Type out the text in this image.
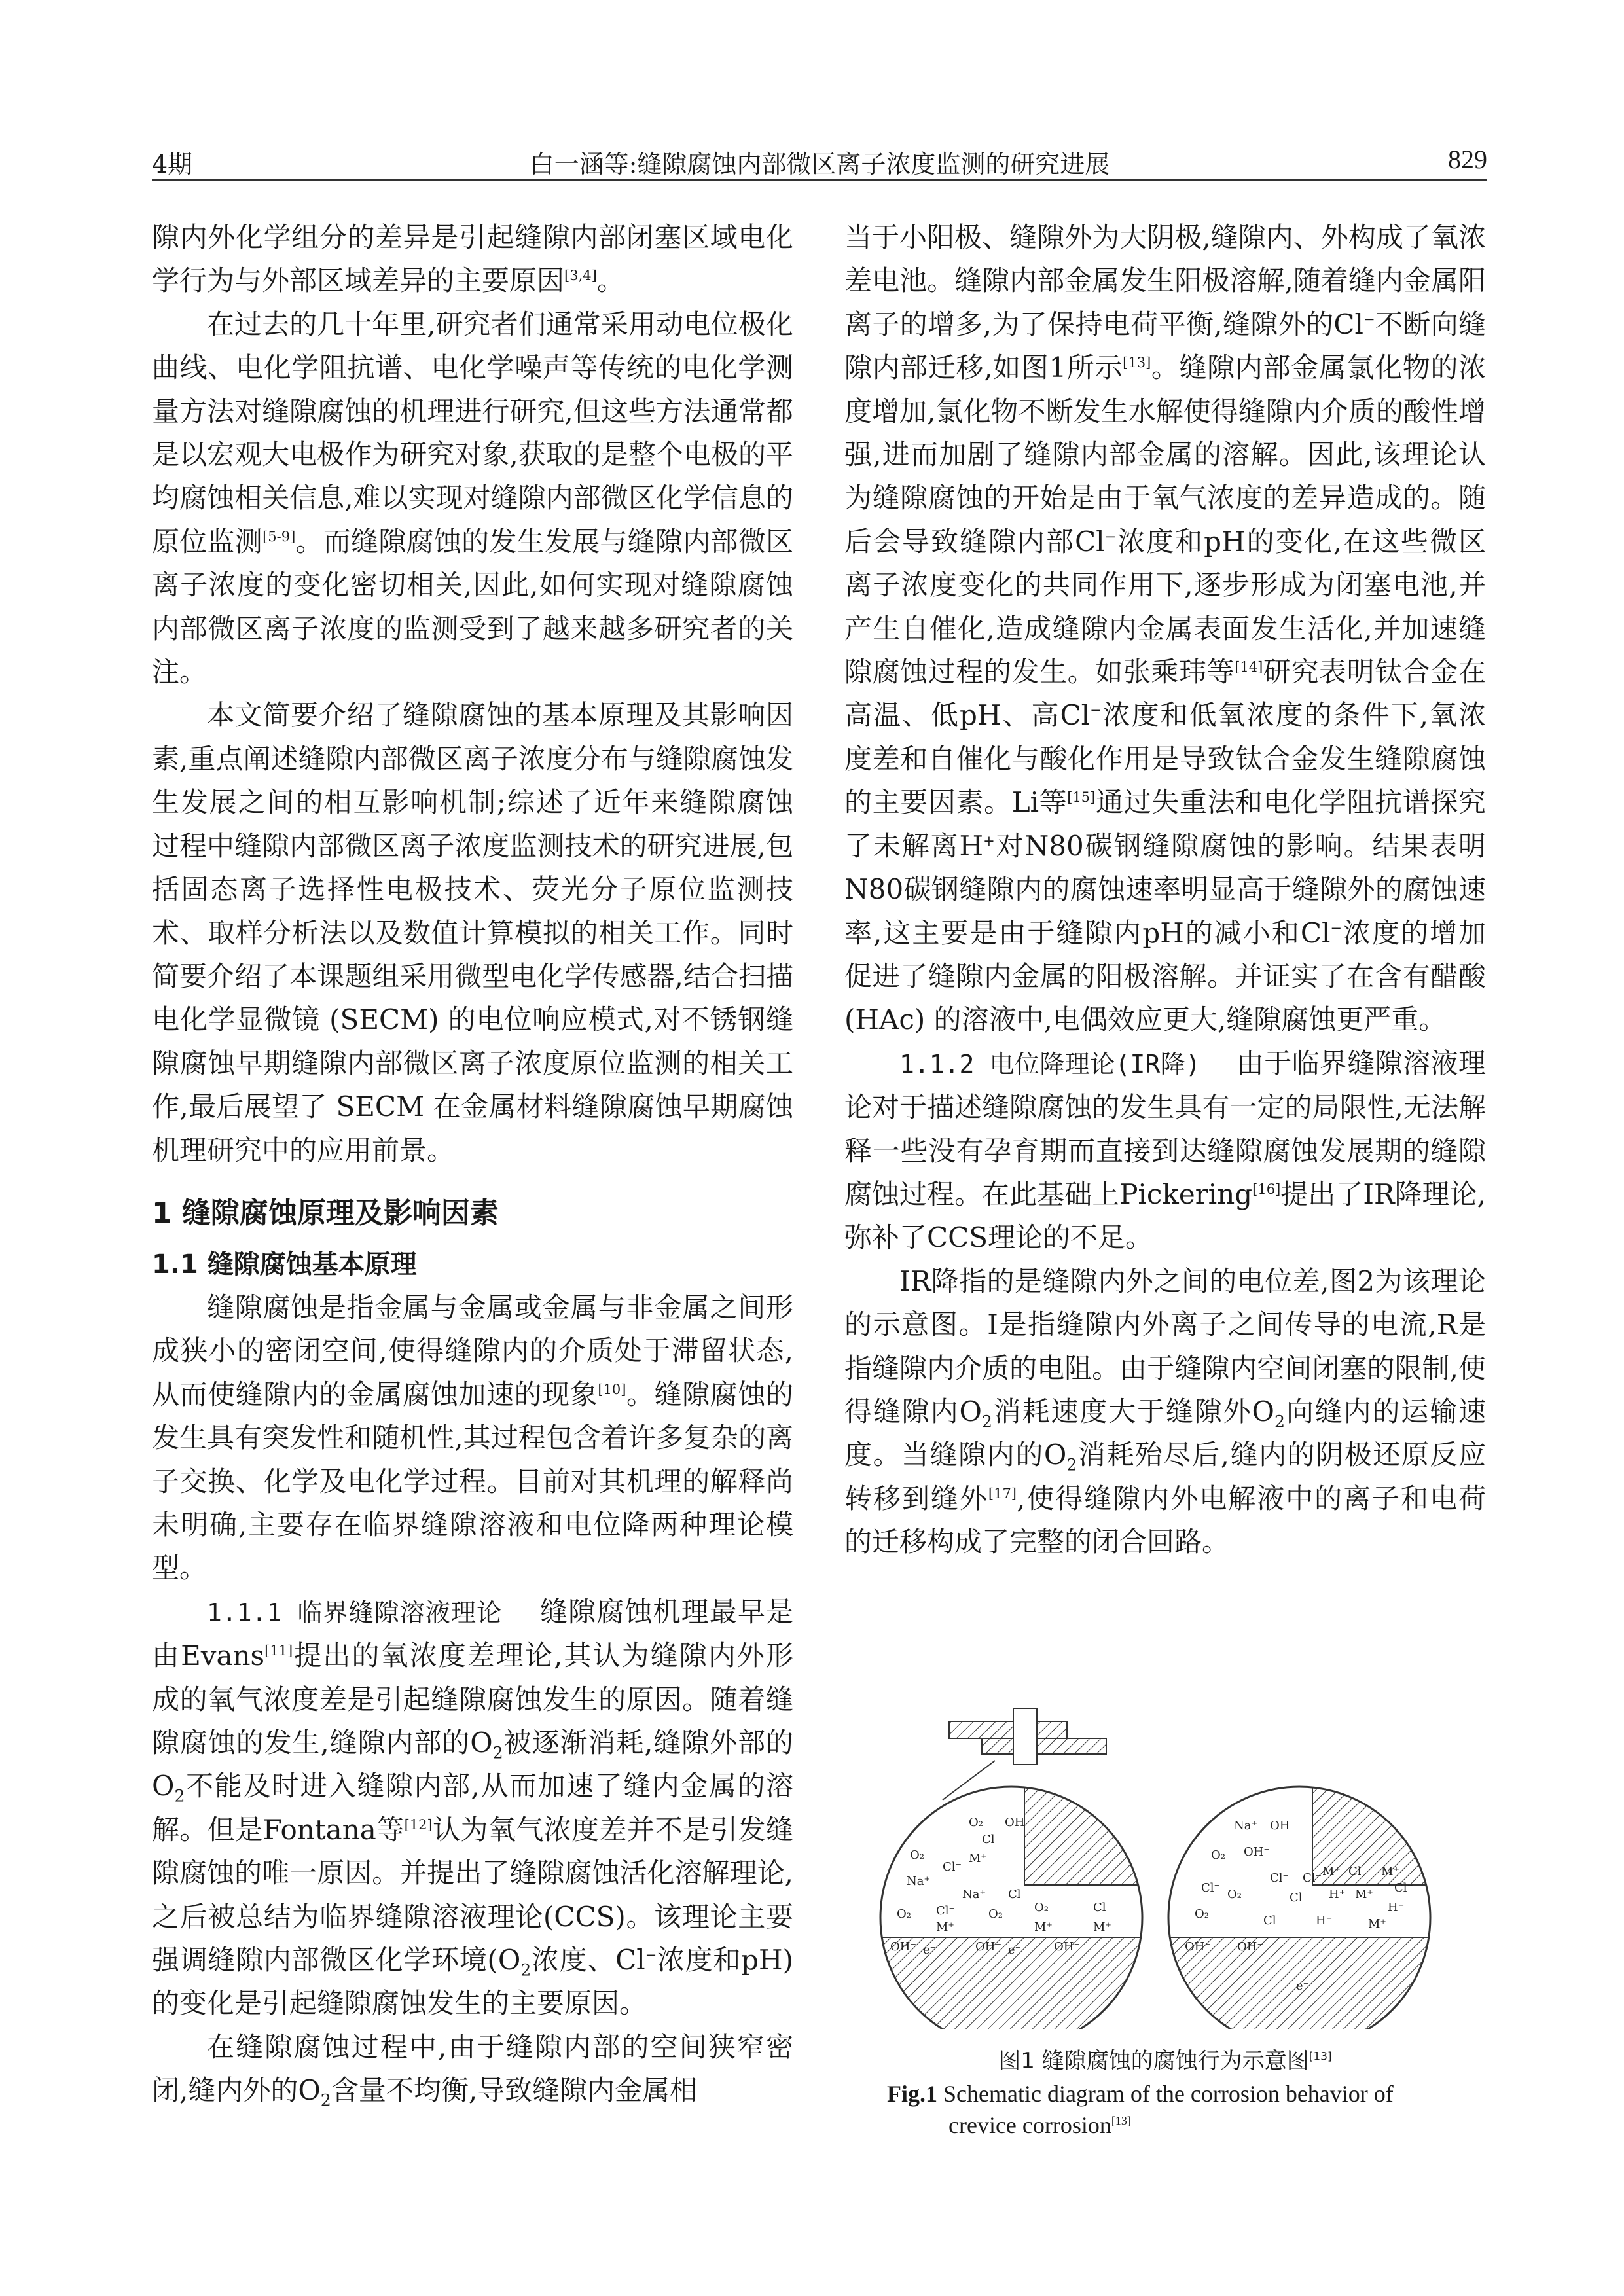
4期	白一涵等:缝隙腐蚀内部微区离子浓度监测的研究进展	829

隙内外化学组分的差异是引起缝隙内部闭塞区域电化学行为与外部区域差异的主要原因[3,4]。

在过去的几十年里,研究者们通常采用动电位极化曲线、电化学阻抗谱、电化学噪声等传统的电化学测量方法对缝隙腐蚀的机理进行研究,但这些方法通常都是以宏观大电极作为研究对象,获取的是整个电极的平均腐蚀相关信息,难以实现对缝隙内部微区化学信息的原位监测[5-9]。而缝隙腐蚀的发生发展与缝隙内部微区离子浓度的变化密切相关,因此,如何实现对缝隙腐蚀内部微区离子浓度的监测受到了越来越多研究者的关注。

本文简要介绍了缝隙腐蚀的基本原理及其影响因素,重点阐述缝隙内部微区离子浓度分布与缝隙腐蚀发生发展之间的相互影响机制;综述了近年来缝隙腐蚀过程中缝隙内部微区离子浓度监测技术的研究进展,包括固态离子选择性电极技术、荧光分子原位监测技术、取样分析法以及数值计算模拟的相关工作。同时简要介绍了本课题组采用微型电化学传感器,结合扫描电化学显微镜 (SECM) 的电位响应模式,对不锈钢缝隙腐蚀早期缝隙内部微区离子浓度原位监测的相关工作,最后展望了 SECM 在金属材料缝隙腐蚀早期腐蚀机理研究中的应用前景。

1 缝隙腐蚀原理及影响因素
1.1 缝隙腐蚀基本原理

缝隙腐蚀是指金属与金属或金属与非金属之间形成狭小的密闭空间,使得缝隙内的介质处于滞留状态,从而使缝隙内的金属腐蚀加速的现象[10]。缝隙腐蚀的发生具有突发性和随机性,其过程包含着许多复杂的离子交换、化学及电化学过程。目前对其机理的解释尚未明确,主要存在临界缝隙溶液和电位降两种理论模型。

1.1.1 临界缝隙溶液理论 缝隙腐蚀机理最早是由Evans[11]提出的氧浓度差理论,其认为缝隙内外形成的氧气浓度差是引起缝隙腐蚀发生的原因。随着缝隙腐蚀的发生,缝隙内部的$O_2$被逐渐消耗,缝隙外部的$O_2$不能及时进入缝隙内部,从而加速了缝内金属的溶解。但是Fontana等[12]认为氧气浓度差并不是引发缝隙腐蚀的唯一原因。并提出了缝隙腐蚀活化溶解理论,之后被总结为临界缝隙溶液理论(CCS)。该理论主要强调缝隙内部微区化学环境($O_2$浓度、Cl−浓度和pH) 的变化是引起缝隙腐蚀发生的主要原因。

在缝隙腐蚀过程中,由于缝隙内部的空间狭窄密闭,缝内外的$O_2$含量不均衡,导致缝隙内金属相

当于小阳极、缝隙外为大阴极,缝隙内、外构成了氧浓差电池。缝隙内部金属发生阳极溶解,随着缝内金属阳离子的增多,为了保持电荷平衡,缝隙外的Cl−不断向缝隙内部迁移,如图1所示[13]。缝隙内部金属氯化物的浓度增加,氯化物不断发生水解使得缝隙内介质的酸性增强,进而加剧了缝隙内部金属的溶解。因此,该理论认为缝隙腐蚀的开始是由于氧气浓度的差异造成的。随后会导致缝隙内部Cl−浓度和pH的变化,在这些微区离子浓度变化的共同作用下,逐步形成为闭塞电池,并产生自催化,造成缝隙内金属表面发生活化,并加速缝隙腐蚀过程的发生。如张乘玮等[14]研究表明钛合金在高温、低pH、高Cl−浓度和低氧浓度的条件下,氧浓度差和自催化与酸化作用是导致钛合金发生缝隙腐蚀的主要因素。Li等[15]通过失重法和电化学阻抗谱探究了未解离H+对N80碳钢缝隙腐蚀的影响。结果表明N80碳钢缝隙内的腐蚀速率明显高于缝隙外的腐蚀速率,这主要是由于缝隙内pH的减小和Cl−浓度的增加促进了缝隙内金属的阳极溶解。并证实了在含有醋酸 (HAc) 的溶液中,电偶效应更大,缝隙腐蚀更严重。

1.1.2 电位降理论(IR降) 由于临界缝隙溶液理论对于描述缝隙腐蚀的发生具有一定的局限性,无法解释一些没有孕育期而直接到达缝隙腐蚀发展期的缝隙腐蚀过程。在此基础上Pickering[16]提出了IR降理论,弥补了CCS理论的不足。

IR降指的是缝隙内外之间的电位差,图2为该理论的示意图。I是指缝隙内外离子之间传导的电流,R是指缝隙内介质的电阻。由于缝隙内空间闭塞的限制,使得缝隙内$O_2$消耗速度大于缝隙外$O_2$向缝内的运输速度。当缝隙内的$O_2$消耗殆尽后,缝内的阴极还原反应转移到缝外[17],使得缝隙内外电解液中的离子和电荷的迁移构成了完整的闭合回路。

O₂
Cl⁻
OH⁻
O₂
Cl⁻
M⁺
Na⁺
Na⁺ Cl⁻
O₂ Cl⁻	O₂	O₂	Cl⁻
M⁺	M⁺	M⁺
OH⁻	OH⁻	OH⁻
e⁻	e⁻
Na⁺ OH⁻
O₂ OH⁻
Cl⁻ O₂
Cl⁻ Cl⁻ M⁺ Cl⁻ M⁺
Cl⁻
Cl⁻ H⁺ M⁺
H⁺
O₂	Cl⁻	H⁺	M⁺
OH⁻ OH⁻
e⁻
图1 缝隙腐蚀的腐蚀行为示意图[13]
Fig.1 Schematic diagram of the corrosion behavior of
crevice corrosion[13]
